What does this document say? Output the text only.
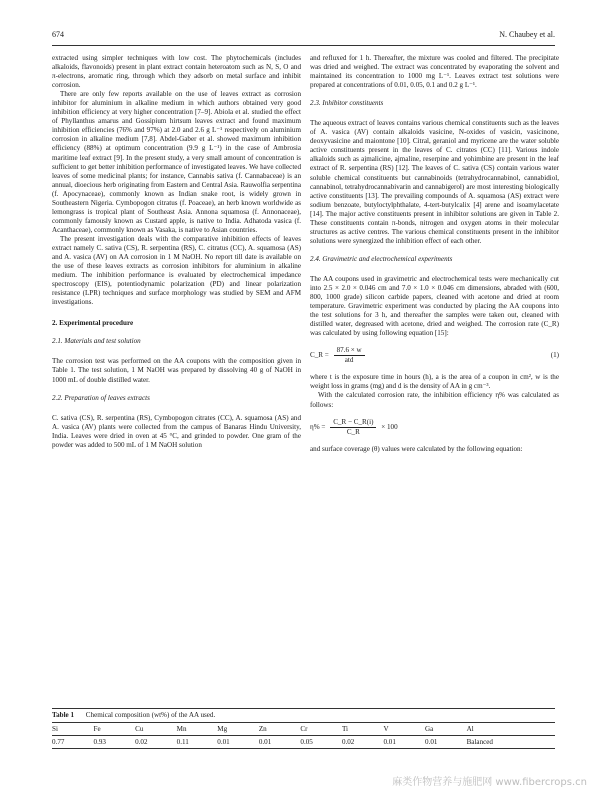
674	N. Chaubey et al.

extracted using simpler techniques with low cost. The phytochemicals (includes alkaloids, flavonoids) present in plant extract contain heteroatom such as N, S, O and π-electrons, aromatic ring, through which they adsorb on metal surface and inhibit corrosion.

There are only few reports available on the use of leaves extract as corrosion inhibitor for aluminium in alkaline medium in which authors obtained very good inhibition efficiency at very higher concentration [7–9]. Abiola et al. studied the effect of Phyllanthus amarus and Gossipium hirtsum leaves extract and found maximum inhibition efficiencies (76% and 97%) at 2.0 and 2.6 g L⁻¹ respectively on aluminium corrosion in alkaline medium [7,8]. Abdel-Gaber et al. showed maximum inhibition efficiency (88%) at optimum concentration (9.9 g L⁻¹) in the case of Ambrosia maritime leaf extract [9]. In the present study, a very small amount of concentration is sufficient to get better inhibition performance of investigated leaves. We have collected leaves of some medicinal plants; for instance, Cannabis sativa (f. Cannabaceae) is an annual, dioecious herb originating from Eastern and Central Asia. Rauwolfia serpentina (f. Apocynaceae), commonly known as Indian snake root, is widely grown in Southeastern Nigeria. Cymbopogon citratus (f. Poaceae), an herb known worldwide as lemongrass is tropical plant of Southeast Asia. Annona squamosa (f. Annonaceae), commonly famously known as Custard apple, is native to India. Adhatoda vasica (f. Acanthaceae), commonly known as Vasaka, is native to Asian countries.

The present investigation deals with the comparative inhibition effects of leaves extract namely C. sativa (CS), R. serpentina (RS), C. citratus (CC), A. squamosa (AS) and A. vasica (AV) on AA corrosion in 1 M NaOH. No report till date is available on the use of these leaves extracts as corrosion inhibitors for aluminium in alkaline medium. The inhibition performance is evaluated by electrochemical impedance spectroscopy (EIS), potentiodynamic polarization (PD) and linear polarization resistance (LPR) techniques and surface morphology was studied by SEM and AFM investigations.

2. Experimental procedure

2.1. Materials and test solution

The corrosion test was performed on the AA coupons with the composition given in Table 1. The test solution, 1 M NaOH was prepared by dissolving 40 g of NaOH in 1000 mL of double distilled water.

2.2. Preparation of leaves extracts

C. sativa (CS), R. serpentina (RS), Cymbopogon citrates (CC), A. squamosa (AS) and A. vasica (AV) plants were collected from the campus of Banaras Hindu University, India. Leaves were dried in oven at 45 °C, and grinded to powder. One gram of the powder was added to 500 mL of 1 M NaOH solution

and refluxed for 1 h. Thereafter, the mixture was cooled and filtered. The precipitate was dried and weighed. The extract was concentrated by evaporating the solvent and maintained its concentration to 1000 mg L⁻¹. Leaves extract test solutions were prepared at concentrations of 0.01, 0.05, 0.1 and 0.2 g L⁻¹.

2.3. Inhibitor constituents

The aqueous extract of leaves contains various chemical constituents such as the leaves of A. vasica (AV) contain alkaloids vasicine, N-oxides of vasicin, vasicinone, deoxyvasicine and maiontone [10]. Citral, geraniol and myricene are the water soluble active constituents present in the leaves of C. citrates (CC) [11]. Various indole alkaloids such as ajmalicine, ajmaline, reserpine and yohimbine are present in the leaf extract of R. serpentina (RS) [12]. The leaves of C. sativa (CS) contain various water soluble chemical constituents but cannabinoids (tetrahydrocannabinol, cannabidiol, cannabinol, tetrahydrocannabivarin and cannabigerol) are most interesting biologically active constituents [13]. The prevailing compounds of A. squamosa (AS) extract were sodium benzoate, butyloctylphthalate, 4-tert-butylcalix [4] arene and isoamylacetate [14]. The major active constituents present in inhibitor solutions are given in Table 2. These constituents contain π-bonds, nitrogen and oxygen atoms in their molecular structures as active centres. The various chemical constituents present in the inhibitor solutions were synergized the inhibition effect of each other.

2.4. Gravimetric and electrochemical experiments

The AA coupons used in gravimetric and electrochemical tests were mechanically cut into 2.5 × 2.0 × 0.046 cm and 7.0 × 1.0 × 0.046 cm dimensions, abraded with (600, 800, 1000 grade) silicon carbide papers, cleaned with acetone and dried at room temperature. Gravimetric experiment was conducted by placing the AA coupons into the test solutions for 3 h, and thereafter the samples were taken out, cleaned with distilled water, degreased with acetone, dried and weighed. The corrosion rate (C_R) was calculated by using following equation [15]:

C_R = $\frac{87.6 \times w}{\text{atd}}$	(1)

where t is the exposure time in hours (h), a is the area of a coupon in cm², w is the weight loss in grams (mg) and d is the density of AA in g cm⁻³.

With the calculated corrosion rate, the inhibition efficiency η% was calculated as follows:

$\eta\% = \frac{C\_R - C\_R(i)}{C\_R} \times 100$

and surface coverage (θ) values were calculated by the following equation:

Table 1 Chemical composition (wt%) of the AA used.
Si	Fe	Cu	Mn	Mg	Zn	Cr	Ti	V	Ga	Al
0.77	0.93	0.02	0.11	0.01	0.01	0.05	0.02	0.01	0.01	Balanced
麻类作物营养与施肥网 www.fibercrops.cn
